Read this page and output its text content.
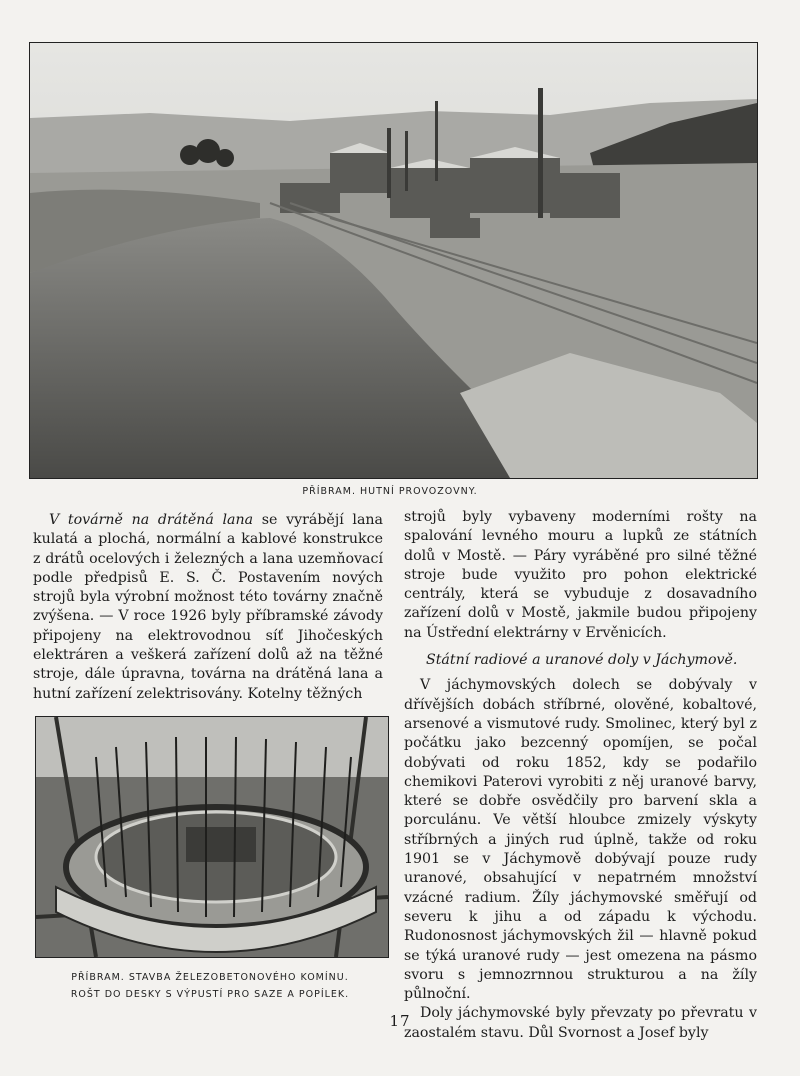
PŘÍBRAM. HUTNÍ PROVOZOVNY.

V továrně na drátěná lana se vyrábějí lana kulatá a plochá, normální a kablové konstrukce z drátů ocelových i železných a lana uzemňovací podle předpisů E. S. Č. Postavením nových strojů byla výrobní možnost této továrny značně zvýšena. — V roce 1926 byly příbramské závody připojeny na elektrovodnou síť Jihočeských elektráren a veškerá zařízení dolů až na těžné stroje, dále úpravna, továrna na drátěná lana a hutní zařízení zelektrisovány. Kotelny těžných

PŘÍBRAM. STAVBA ŽELEZOBETONOVÉHO KOMÍNU.
ROŠT DO DESKY S VÝPUSTÍ PRO SAZE A POPÍLEK.

strojů byly vybaveny moderními rošty na spalování levného mouru a lupků ze státních dolů v Mostě. — Páry vyráběné pro silné těžné stroje bude využito pro pohon elektrické centrály, která se vybuduje z dosavadního zařízení dolů v Mostě, jakmile budou připojeny na Ústřední elektrárny v Ervěnicích.

Státní radiové a uranové doly v Jáchymově.

V jáchymovských dolech se dobývaly v dřívějších dobách stříbrné, olověné, kobaltové, arsenové a vismutové rudy. Smolinec, který byl z počátku jako bezcenný opomíjen, se počal dobývati od roku 1852, kdy se podařilo chemikovi Paterovi vyrobiti z něj uranové barvy, které se dobře osvědčily pro barvení skla a porculánu. Ve větší hloubce zmizely výskyty stříbrných a jiných rud úplně, takže od roku 1901 se v Jáchymově dobývají pouze rudy uranové, obsahující v nepatrném množství vzácné radium. Žíly jáchymovské směřují od severu k jihu a od západu k východu. Rudonosnost jáchymovských žil — hlavně pokud se týká uranové rudy — jest omezena na pásmo svoru s jemnozrnnou strukturou a na žíly půlnoční.

Doly jáchymovské byly převzaty po převratu v zaostalém stavu. Důl Svornost a Josef byly

17
